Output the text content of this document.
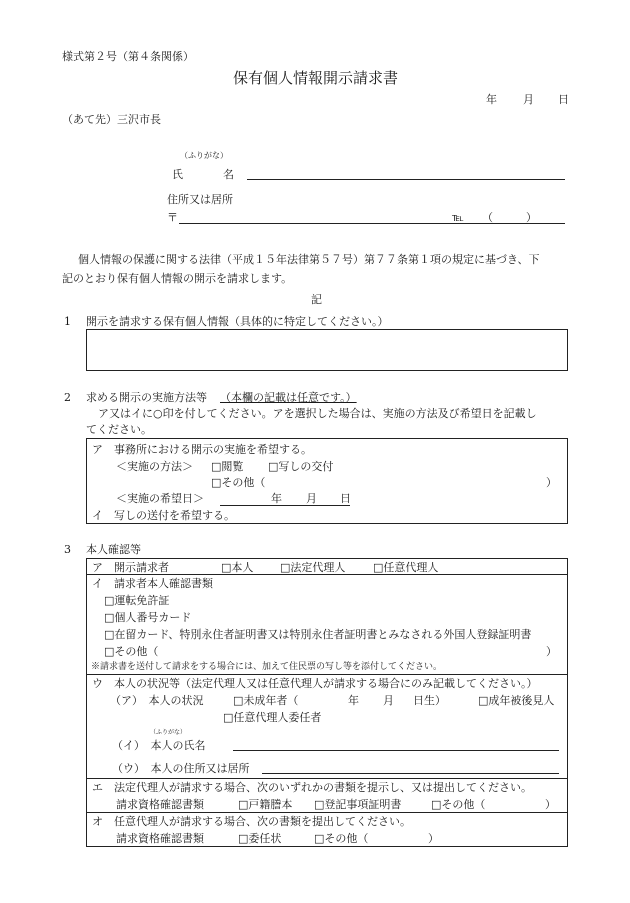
様式第２号（第４条関係）
保有個人情報開示請求書
年 月 日
（あて先）三沢市長
（ふりがな）
氏	名
住所又は居所
〒	℡ （　　　）
個人情報の保護に関する法律（平成１５年法律第５７号）第７７条第１項の規定に基づき、下
記のとおり保有個人情報の開示を請求します。
記
1 開示を請求する保有個人情報（具体的に特定してください。）
2 求める開示の実施方法等 （本欄の記載は任意です。）
ア又はイに○印を付してください。アを選択した場合は、実施の方法及び希望日を記載し
てください。
ア　事務所における開示の実施を希望する。
＜実施の方法＞ □閲覧 □写しの交付
□その他（	）
＜実施の希望日＞	年 月 日
イ　写しの送付を希望する。
3 本人確認等
ア　開示請求者	□本人 □法定代理人	□任意代理人
イ　請求者本人確認書類
□運転免許証
□個人番号カード
□在留カード、特別永住者証明書又は特別永住者証明書とみなされる外国人登録証明書
□その他（	）
※請求書を送付して請求をする場合には、加えて住民票の写し等を添付してください。
ウ　本人の状況等（法定代理人又は任意代理人が請求する場合にのみ記載してください。）
（ア）　本人の状況	□未成年者（	年 月 日生）	□成年被後見人
□任意代理人委任者
（ふりがな）
（イ）　本人の氏名
（ウ）　本人の住所又は居所
エ　法定代理人が請求する場合、次のいずれかの書類を提示し、又は提出してください。
請求資格確認書類	□戸籍謄本 □登記事項証明書	□その他（	）
オ　任意代理人が請求する場合、次の書類を提出してください。
請求資格確認書類	□委任状	□その他（	）
